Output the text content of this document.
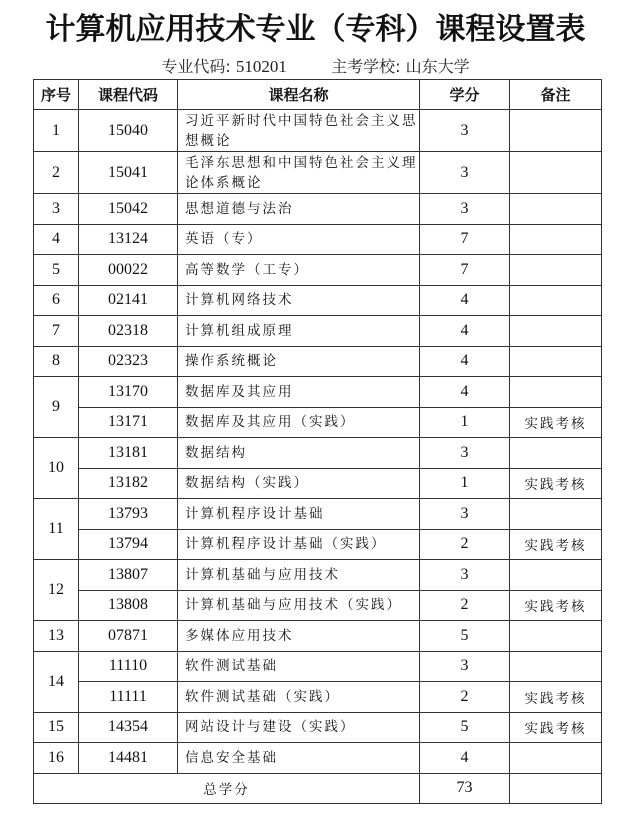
计算机应用技术专业（专科）课程设置表
专业代码: 510201	主考学校: 山东大学
序号	课程代码	课程名称	学分	备注
1	15040	习近平新时代中国特色社会主义思想概论	3	
2	15041	毛泽东思想和中国特色社会主义理论体系概论	3	
3	15042	思想道德与法治	3	
4	13124	英语（专）	7	
5	00022	高等数学（工专）	7	
6	02141	计算机网络技术	4	
7	02318	计算机组成原理	4	
8	02323	操作系统概论	4	
9	13170	数据库及其应用	4	
	13171	数据库及其应用（实践）	1	实践考核
10	13181	数据结构	3	
	13182	数据结构（实践）	1	实践考核
11	13793	计算机程序设计基础	3	
	13794	计算机程序设计基础（实践）	2	实践考核
12	13807	计算机基础与应用技术	3	
	13808	计算机基础与应用技术（实践）	2	实践考核
13	07871	多媒体应用技术	5	
14	11110	软件测试基础	3	
	11111	软件测试基础（实践）	2	实践考核
15	14354	网站设计与建设（实践）	5	实践考核
16	14481	信息安全基础	4	
总学分			73	
